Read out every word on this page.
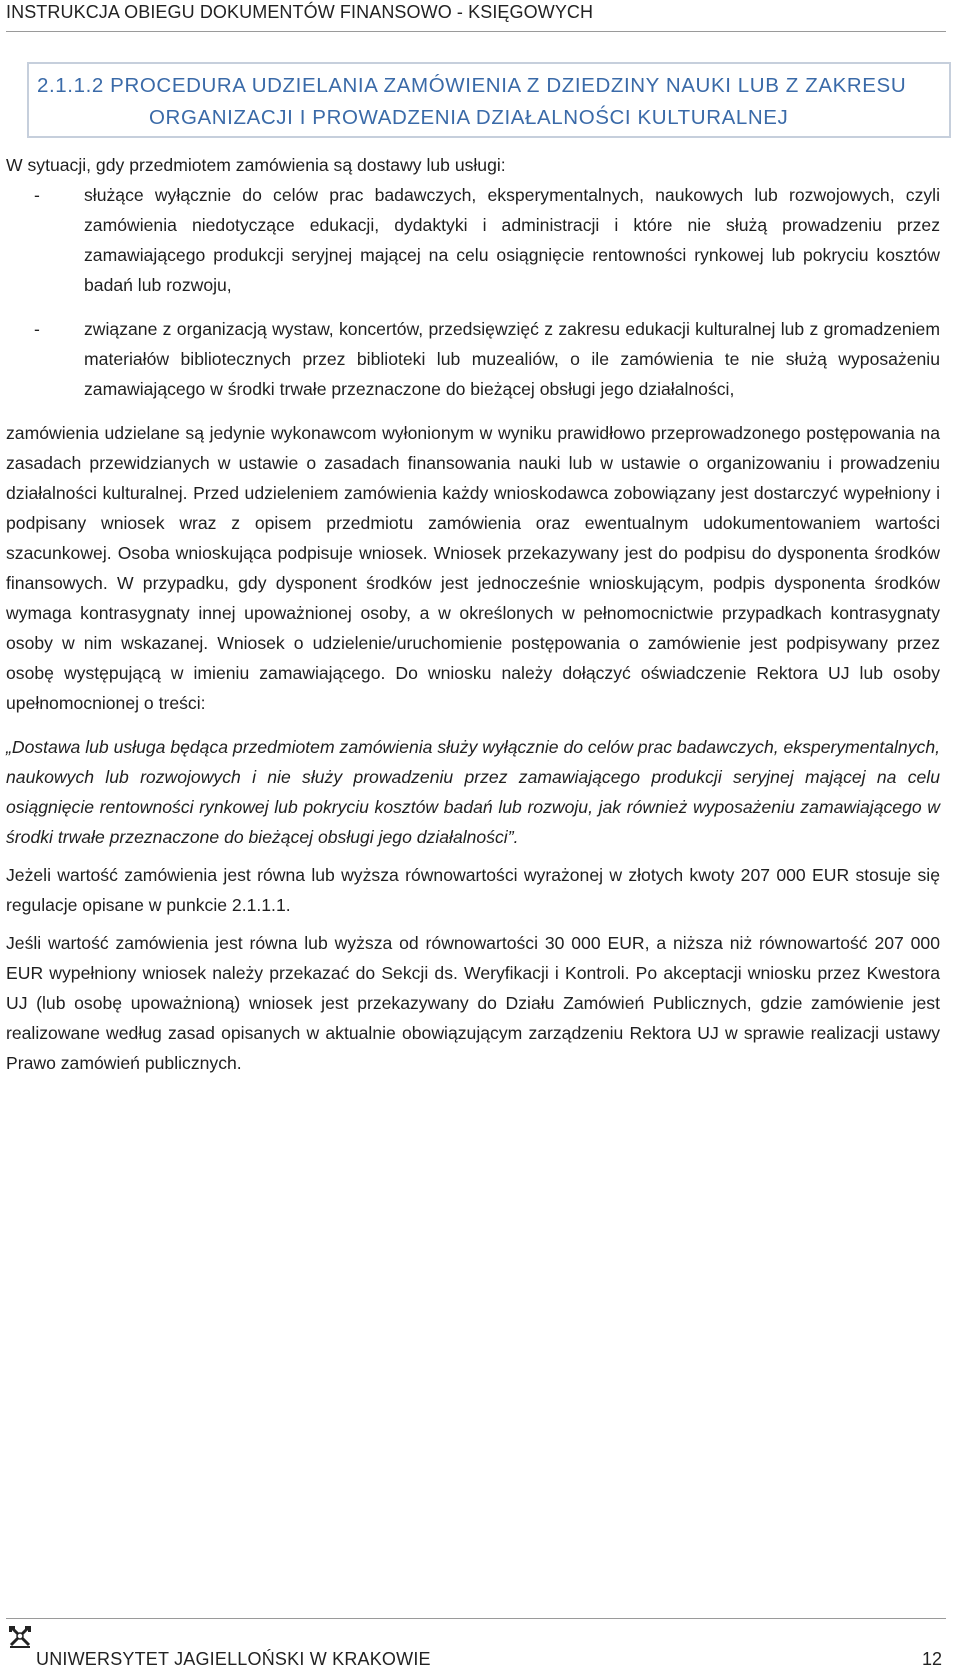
INSTRUKCJA OBIEGU DOKUMENTÓW FINANSOWO - KSIĘGOWYCH
2.1.1.2 PROCEDURA UDZIELANIA ZAMÓWIENIA Z DZIEDZINY NAUKI LUB Z ZAKRESU
ORGANIZACJI I PROWADZENIA DZIAŁALNOŚCI KULTURALNEJ

W sytuacji, gdy przedmiotem zamówienia są dostawy lub usługi:

-	służące wyłącznie do celów prac badawczych, eksperymentalnych, naukowych lub rozwojowych, czyli zamówienia niedotyczące edukacji, dydaktyki i administracji i które nie służą prowadzeniu przez zamawiającego produkcji seryjnej mającej na celu osiągnięcie rentowności rynkowej lub pokryciu kosztów badań lub rozwoju,
-	związane z organizacją wystaw, koncertów, przedsięwzięć z zakresu edukacji kulturalnej lub z gromadzeniem materiałów bibliotecznych przez biblioteki lub muzealiów, o ile zamówienia te nie służą wyposażeniu zamawiającego w środki trwałe przeznaczone do bieżącej obsługi jego działalności,

zamówienia udzielane są jedynie wykonawcom wyłonionym w wyniku prawidłowo przeprowadzonego postępowania na zasadach przewidzianych w ustawie o zasadach finansowania nauki lub w ustawie o organizowaniu i prowadzeniu działalności kulturalnej. Przed udzieleniem zamówienia każdy wnioskodawca zobowiązany jest dostarczyć wypełniony i podpisany wniosek wraz z opisem przedmiotu zamówienia oraz ewentualnym udokumentowaniem wartości szacunkowej. Osoba wnioskująca podpisuje wniosek. Wniosek przekazywany jest do podpisu do dysponenta środków finansowych. W przypadku, gdy dysponent środków jest jednocześnie wnioskującym, podpis dysponenta środków wymaga kontrasygnaty innej upoważnionej osoby, a w określonych w pełnomocnictwie przypadkach kontrasygnaty osoby w nim wskazanej. Wniosek o udzielenie/uruchomienie postępowania o zamówienie jest podpisywany przez osobę występującą w imieniu zamawiającego. Do wniosku należy dołączyć oświadczenie Rektora UJ lub osoby upełnomocnionej o treści:

„Dostawa lub usługa będąca przedmiotem zamówienia służy wyłącznie do celów prac badawczych, eksperymentalnych, naukowych lub rozwojowych i nie służy prowadzeniu przez zamawiającego produkcji seryjnej mającej na celu osiągnięcie rentowności rynkowej lub pokryciu kosztów badań lub rozwoju, jak również wyposażeniu zamawiającego w środki trwałe przeznaczone do bieżącej obsługi jego działalności”.

Jeżeli wartość zamówienia jest równa lub wyższa równowartości wyrażonej w złotych kwoty 207 000 EUR stosuje się regulacje opisane w punkcie 2.1.1.1.

Jeśli wartość zamówienia jest równa lub wyższa od równowartości 30 000 EUR, a niższa niż równowartość 207 000 EUR wypełniony wniosek należy przekazać do Sekcji ds. Weryfikacji i Kontroli. Po akceptacji wniosku przez Kwestora UJ (lub osobę upoważnioną) wniosek jest przekazywany do Działu Zamówień Publicznych, gdzie zamówienie jest realizowane według zasad opisanych w aktualnie obowiązującym zarządzeniu Rektora UJ w sprawie realizacji ustawy Prawo zamówień publicznych.

UNIWERSYTET JAGIELLOŃSKI W KRAKOWIE	12
